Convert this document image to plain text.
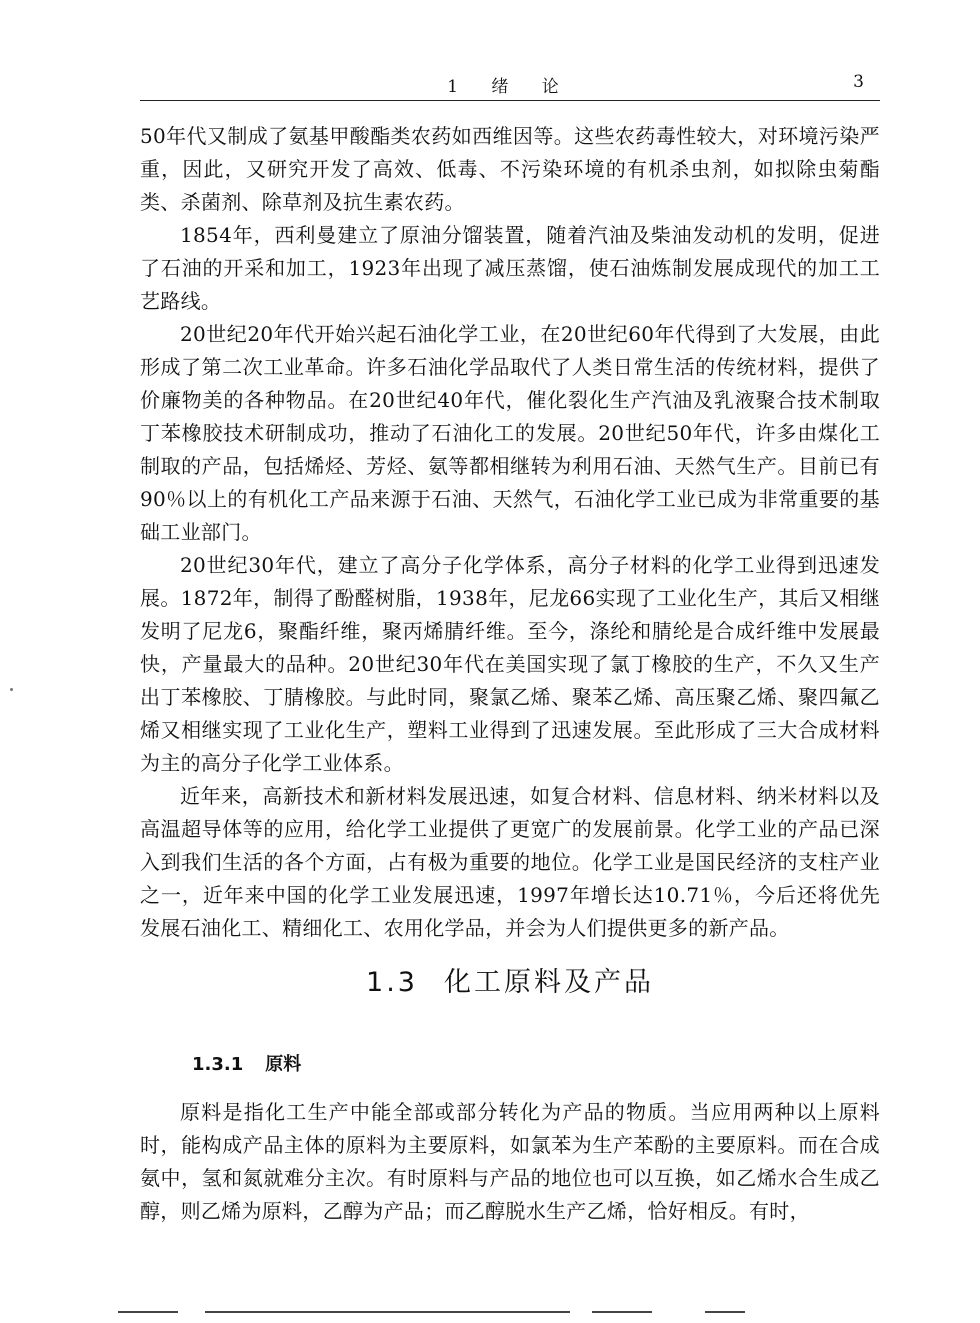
1 绪 论	3

50年代又制成了氨基甲酸酯类农药如西维因等。这些农药毒性较大，对环境污染严重，因此，又研究开发了高效、低毒、不污染环境的有机杀虫剂，如拟除虫菊酯类、杀菌剂、除草剂及抗生素农药。

1854年，西利曼建立了原油分馏装置，随着汽油及柴油发动机的发明，促进了石油的开采和加工，1923年出现了减压蒸馏，使石油炼制发展成现代的加工工艺路线。

20世纪20年代开始兴起石油化学工业，在20世纪60年代得到了大发展，由此形成了第二次工业革命。许多石油化学品取代了人类日常生活的传统材料，提供了价廉物美的各种物品。在20世纪40年代，催化裂化生产汽油及乳液聚合技术制取丁苯橡胶技术研制成功，推动了石油化工的发展。20世纪50年代，许多由煤化工制取的产品，包括烯烃、芳烃、氨等都相继转为利用石油、天然气生产。目前已有90％以上的有机化工产品来源于石油、天然气，石油化学工业已成为非常重要的基础工业部门。

20世纪30年代，建立了高分子化学体系，高分子材料的化学工业得到迅速发展。1872年，制得了酚醛树脂，1938年，尼龙66实现了工业化生产，其后又相继发明了尼龙6，聚酯纤维，聚丙烯腈纤维。至今，涤纶和腈纶是合成纤维中发展最快，产量最大的品种。20世纪30年代在美国实现了氯丁橡胶的生产，不久又生产出丁苯橡胶、丁腈橡胶。与此时同，聚氯乙烯、聚苯乙烯、高压聚乙烯、聚四氟乙烯又相继实现了工业化生产，塑料工业得到了迅速发展。至此形成了三大合成材料为主的高分子化学工业体系。

近年来，高新技术和新材料发展迅速，如复合材料、信息材料、纳米材料以及高温超导体等的应用，给化学工业提供了更宽广的发展前景。化学工业的产品已深入到我们生活的各个方面，占有极为重要的地位。化学工业是国民经济的支柱产业之一，近年来中国的化学工业发展迅速，1997年增长达10.71％，今后还将优先发展石油化工、精细化工、农用化学品，并会为人们提供更多的新产品。

1.3 化工原料及产品
1.3.1 原料

原料是指化工生产中能全部或部分转化为产品的物质。当应用两种以上原料时，能构成产品主体的原料为主要原料，如氯苯为生产苯酚的主要原料。而在合成氨中，氢和氮就难分主次。有时原料与产品的地位也可以互换，如乙烯水合生成乙醇，则乙烯为原料，乙醇为产品；而乙醇脱水生产乙烯，恰好相反。有时，
